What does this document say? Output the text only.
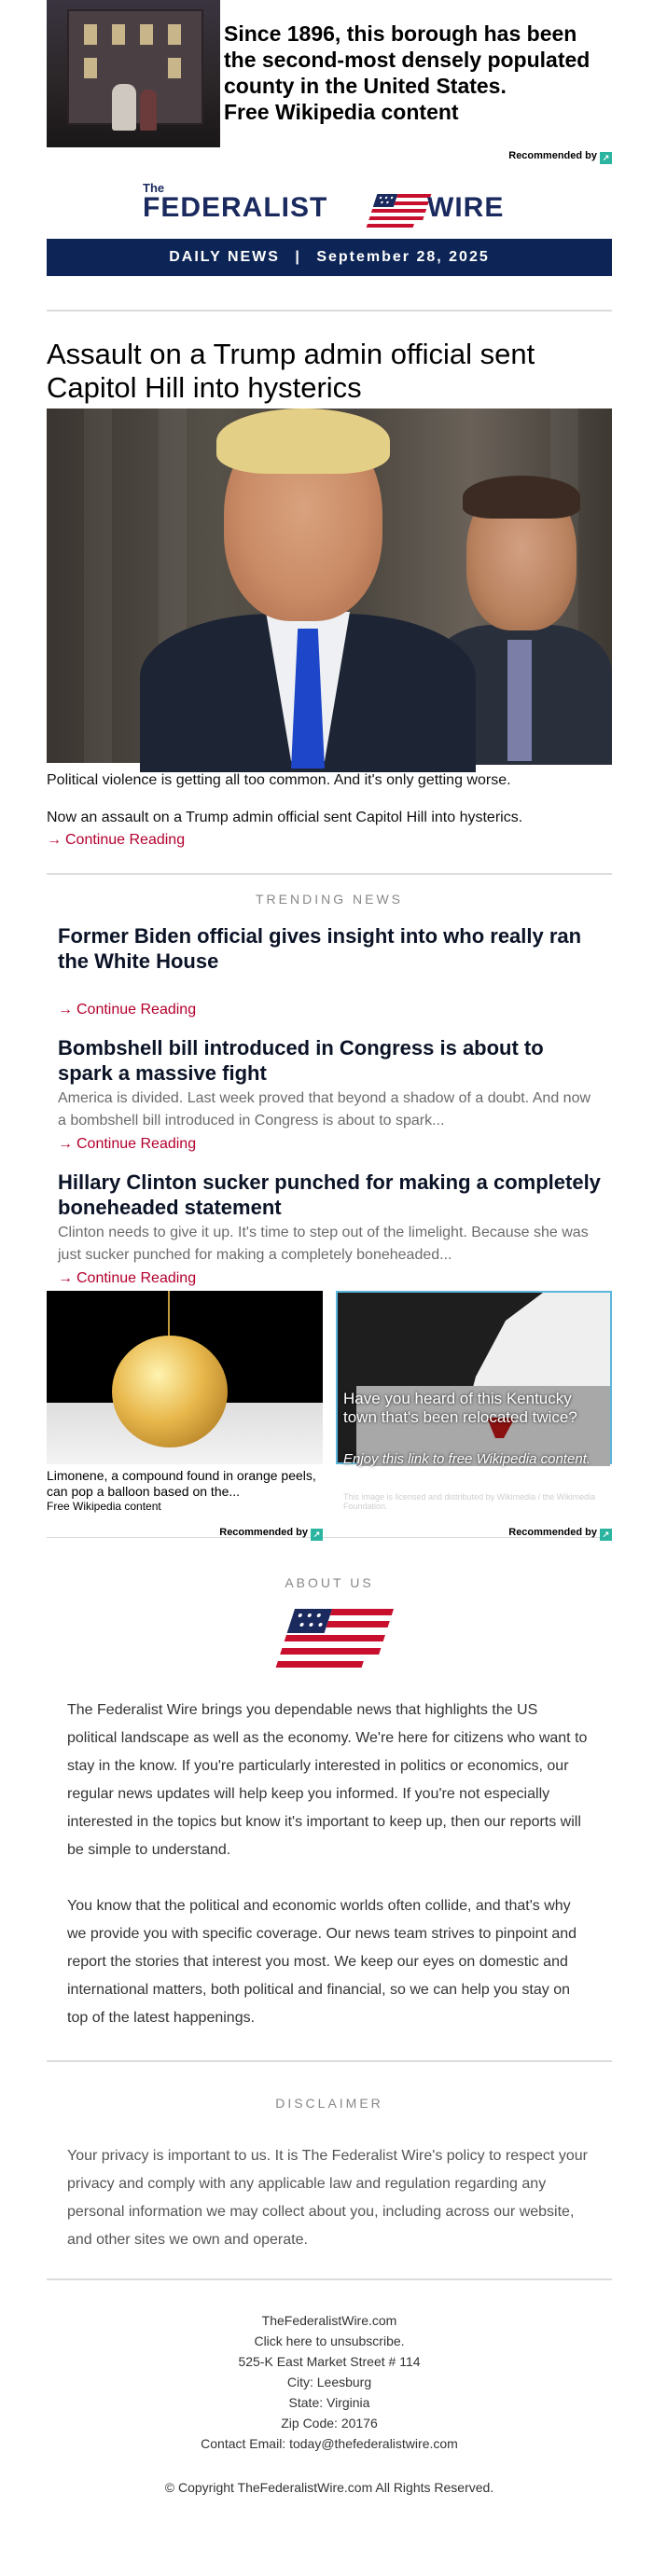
Since 1896, this borough has been the second-most densely populated county in the United States.
Free Wikipedia content
Recommended by ↗
The
FEDERALIST	WIRE
DAILY NEWS | September 28, 2025
Assault on a Trump admin official sent Capitol Hill into hysterics
Political violence is getting all too common. And it's only getting worse.
Now an assault on a Trump admin official sent Capitol Hill into hysterics.
→ Continue Reading
TRENDING NEWS
Former Biden official gives insight into who really ran the White House
→ Continue Reading
Bombshell bill introduced in Congress is about to spark a massive fight
America is divided. Last week proved that beyond a shadow of a doubt. And now a bombshell bill introduced in Congress is about to spark...
→ Continue Reading
Hillary Clinton sucker punched for making a completely boneheaded statement
Clinton needs to give it up. It's time to step out of the limelight. Because she was just sucker punched for making a completely boneheaded...
→ Continue Reading
Limonene, a compound found in orange peels, can pop a balloon based on the...
Free Wikipedia content
Recommended by ↗
Have you heard of this Kentucky town that's been relocated twice?
Enjoy this link to free Wikipedia content.
This image is licensed and distributed by Wikimedia / the Wikimedia Foundation.
Recommended by ↗
ABOUT US

The Federalist Wire brings you dependable news that highlights the US political landscape as well as the economy. We're here for citizens who want to stay in the know. If you're particularly interested in politics or economics, our regular news updates will help keep you informed. If you're not especially interested in the topics but know it's important to keep up, then our reports will be simple to understand.

You know that the political and economic worlds often collide, and that's why we provide you with specific coverage. Our news team strives to pinpoint and report the stories that interest you most. We keep our eyes on domestic and international matters, both political and financial, so we can help you stay on top of the latest happenings.

DISCLAIMER
Your privacy is important to us. It is The Federalist Wire's policy to respect your privacy and comply with any applicable law and regulation regarding any personal information we may collect about you, including across our website, and other sites we own and operate.
TheFederalistWire.com
Click here to unsubscribe.
525-K East Market Street # 114
City: Leesburg
State: Virginia
Zip Code: 20176
Contact Email: today@thefederalistwire.com
© Copyright TheFederalistWire.com All Rights Reserved.
